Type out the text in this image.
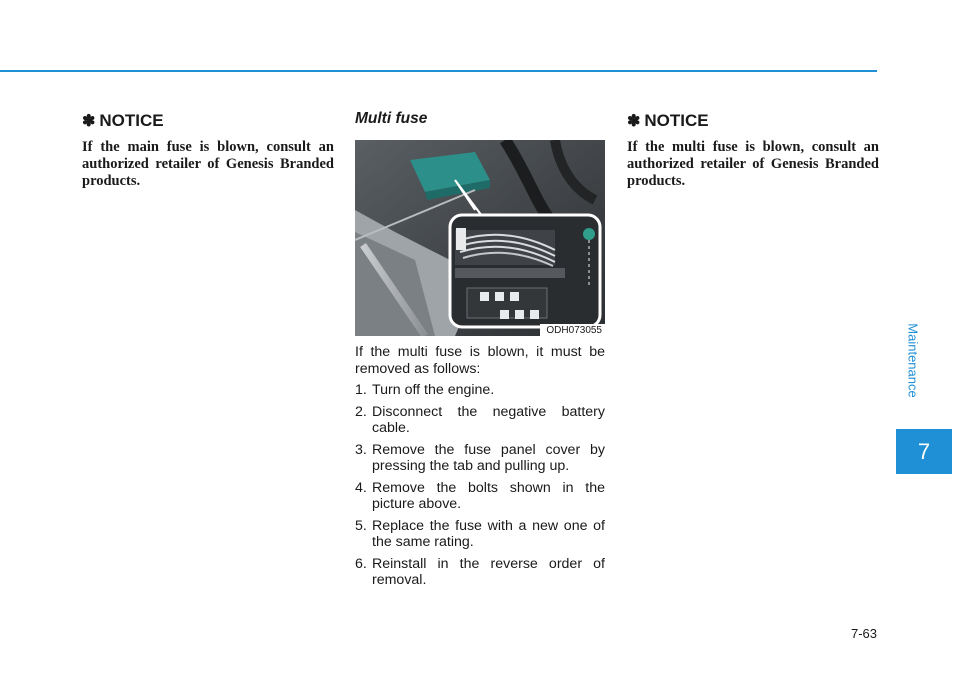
✽ NOTICE

If the main fuse is blown, consult an authorized retailer of Genesis Branded products.

Multi fuse
ODH073055

If the multi fuse is blown, it must be removed as follows:

1. Turn off the engine.
2. Disconnect the negative battery cable.
3. Remove the fuse panel cover by pressing the tab and pulling up.
4. Remove the bolts shown in the picture above.
5. Replace the fuse with a new one of the same rating.
6. Reinstall in the reverse order of removal.
✽ NOTICE

If the multi fuse is blown, consult an authorized retailer of Genesis Branded products.

Maintenance
7
7-63
